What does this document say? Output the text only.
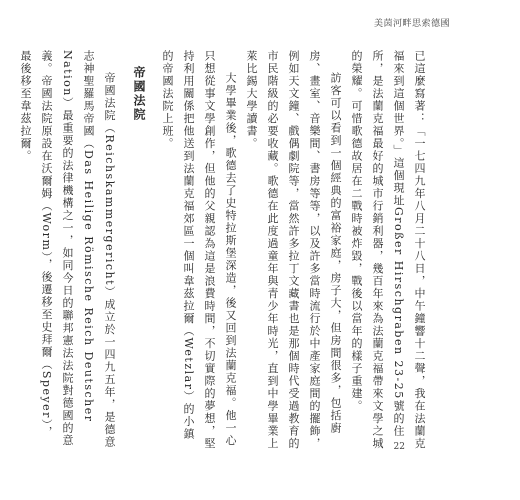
美茵河畔思索德國

已這麼寫著：「一七四九年八月二十八日，中午鐘響十二聲，我在法蘭克福來到這個世界。」這個現址Großer Hirschgraben 23-25號的住所，是法蘭克福最好的城市行銷利器，幾百年來為法蘭克福帶來文學之城的榮耀。可惜歌德故居在二戰時被炸毀，戰後以當年的樣子重建。

訪客可以看到一個經典的富裕家庭，房子大，但房間很多，包括廚房、畫室、音樂間、書房等等，以及許多當時流行於中產家庭間的擺飾，例如天文鐘、戲偶劇院等，當然許多拉丁文藏書也是那個時代受過教育的市民階級的必要收藏。歌德在此度過童年與青少年時光，直到中學畢業上萊比錫大學讀書。

大學畢業後，歌德去了史特拉斯堡深造，後又回到法蘭克福。他一心只想從事文學創作，但他的父親認為這是浪費時間，不切實際的夢想，堅持利用關係把他送到法蘭克福郊區一個叫韋茲拉爾（Wetzlar）的小鎮的帝國法院上班。

帝國法院

帝國法院（Reichskammergericht）成立於一四九五年，是德意志神聖羅馬帝國（Das Heilige Römische Reich Deutscher Nation）最重要的法律機構之一，如同今日的聯邦憲法法院對德國的意義。帝國法院原設在沃爾姆（Worm），後遷移至史拜爾（Speyer），最後移至韋茲拉爾。

22
